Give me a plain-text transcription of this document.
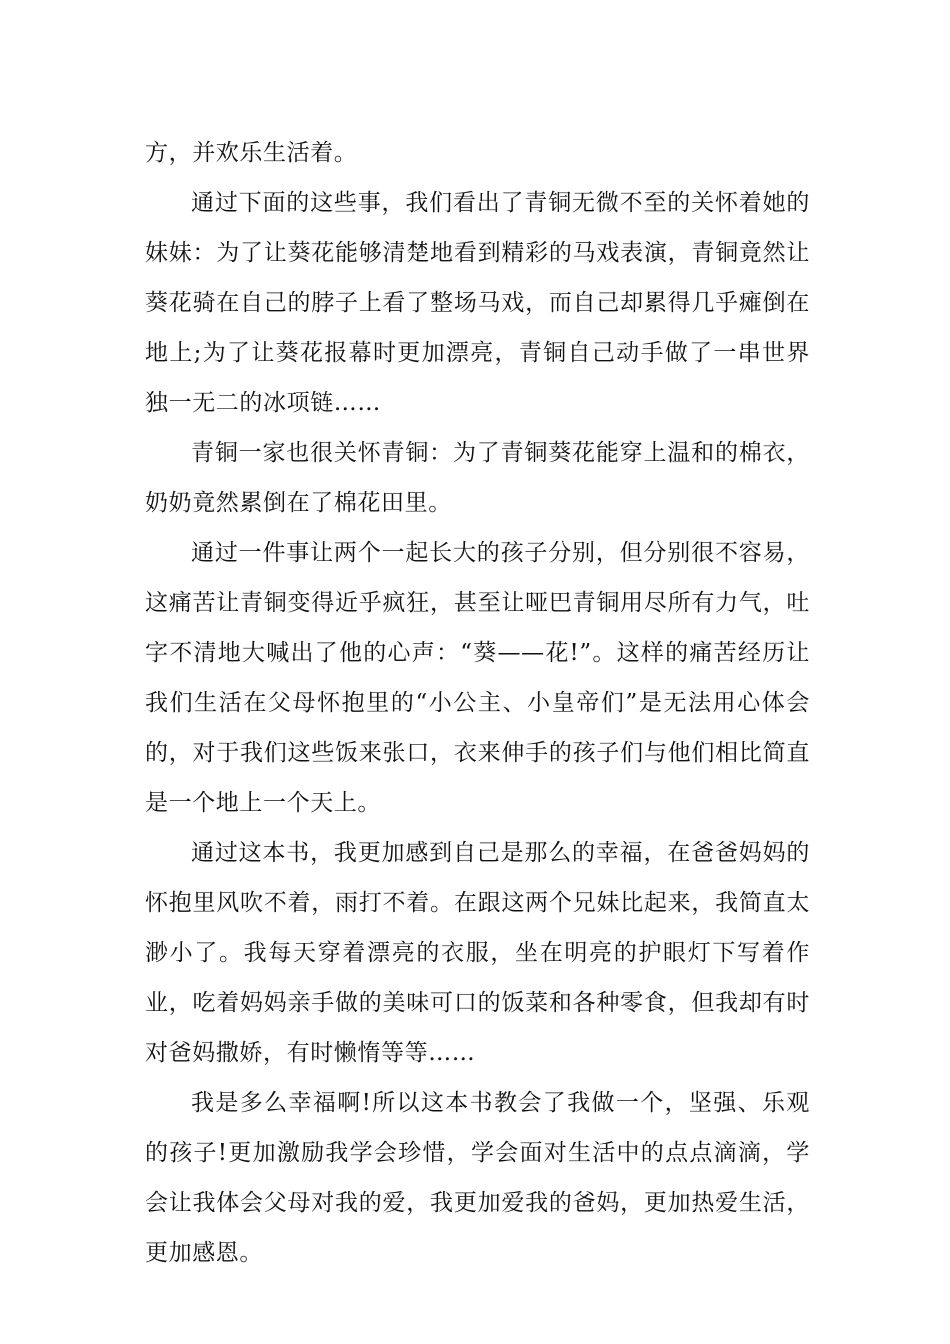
方，并欢乐生活着。

通过下面的这些事，我们看出了青铜无微不至的关怀着她的妹妹：为了让葵花能够清楚地看到精彩的马戏表演，青铜竟然让葵花骑在自己的脖子上看了整场马戏，而自己却累得几乎瘫倒在地上;为了让葵花报幕时更加漂亮，青铜自己动手做了一串世界独一无二的冰项链……

青铜一家也很关怀青铜：为了青铜葵花能穿上温和的棉衣，奶奶竟然累倒在了棉花田里。

通过一件事让两个一起长大的孩子分别，但分别很不容易，这痛苦让青铜变得近乎疯狂，甚至让哑巴青铜用尽所有力气，吐字不清地大喊出了他的心声：“葵——花!”。这样的痛苦经历让我们生活在父母怀抱里的“小公主、小皇帝们”是无法用心体会的，对于我们这些饭来张口，衣来伸手的孩子们与他们相比简直是一个地上一个天上。

通过这本书，我更加感到自己是那么的幸福，在爸爸妈妈的怀抱里风吹不着，雨打不着。在跟这两个兄妹比起来，我简直太渺小了。我每天穿着漂亮的衣服，坐在明亮的护眼灯下写着作业，吃着妈妈亲手做的美味可口的饭菜和各种零食，但我却有时对爸妈撒娇，有时懒惰等等……

我是多么幸福啊!所以这本书教会了我做一个，坚强、乐观的孩子!更加激励我学会珍惜，学会面对生活中的点点滴滴，学会让我体会父母对我的爱，我更加爱我的爸妈，更加热爱生活，更加感恩。
